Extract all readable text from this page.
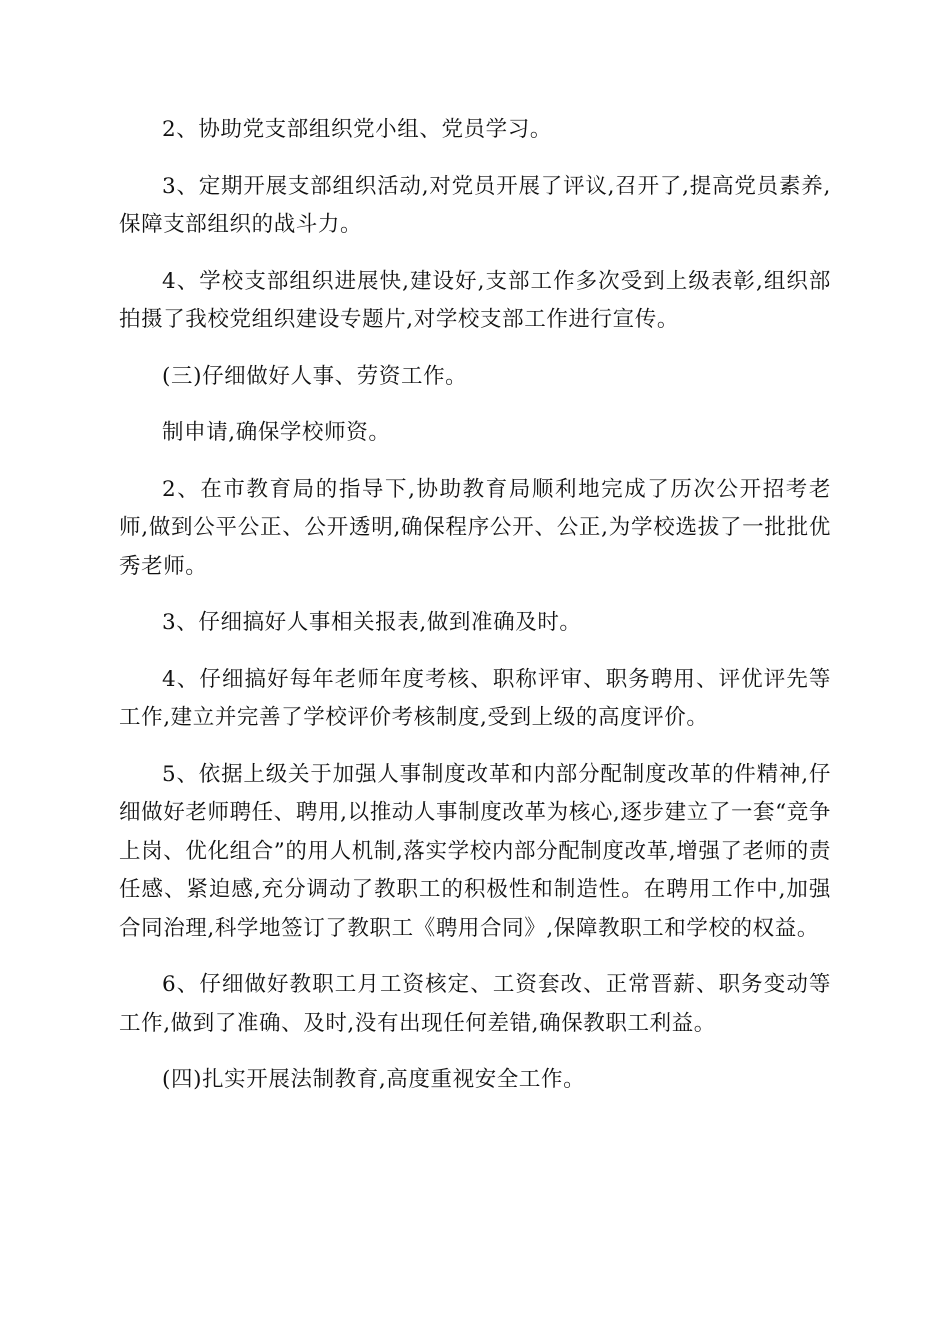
2、协助党支部组织党小组、党员学习。

3、定期开展支部组织活动,对党员开展了评议,召开了,提高党员素养,保障支部组织的战斗力。

4、学校支部组织进展快,建设好,支部工作多次受到上级表彰,组织部拍摄了我校党组织建设专题片,对学校支部工作进行宣传。

(三)仔细做好人事、劳资工作。

制申请,确保学校师资。

2、在市教育局的指导下,协助教育局顺利地完成了历次公开招考老师,做到公平公正、公开透明,确保程序公开、公正,为学校选拔了一批批优秀老师。

3、仔细搞好人事相关报表,做到准确及时。

4、仔细搞好每年老师年度考核、职称评审、职务聘用、评优评先等工作,建立并完善了学校评价考核制度,受到上级的高度评价。

5、依据上级关于加强人事制度改革和内部分配制度改革的件精神,仔细做好老师聘任、聘用,以推动人事制度改革为核心,逐步建立了一套“竞争上岗、优化组合”的用人机制,落实学校内部分配制度改革,增强了老师的责任感、紧迫感,充分调动了教职工的积极性和制造性。在聘用工作中,加强合同治理,科学地签订了教职工《聘用合同》,保障教职工和学校的权益。

6、仔细做好教职工月工资核定、工资套改、正常晋薪、职务变动等工作,做到了准确、及时,没有出现任何差错,确保教职工利益。

(四)扎实开展法制教育,高度重视安全工作。
